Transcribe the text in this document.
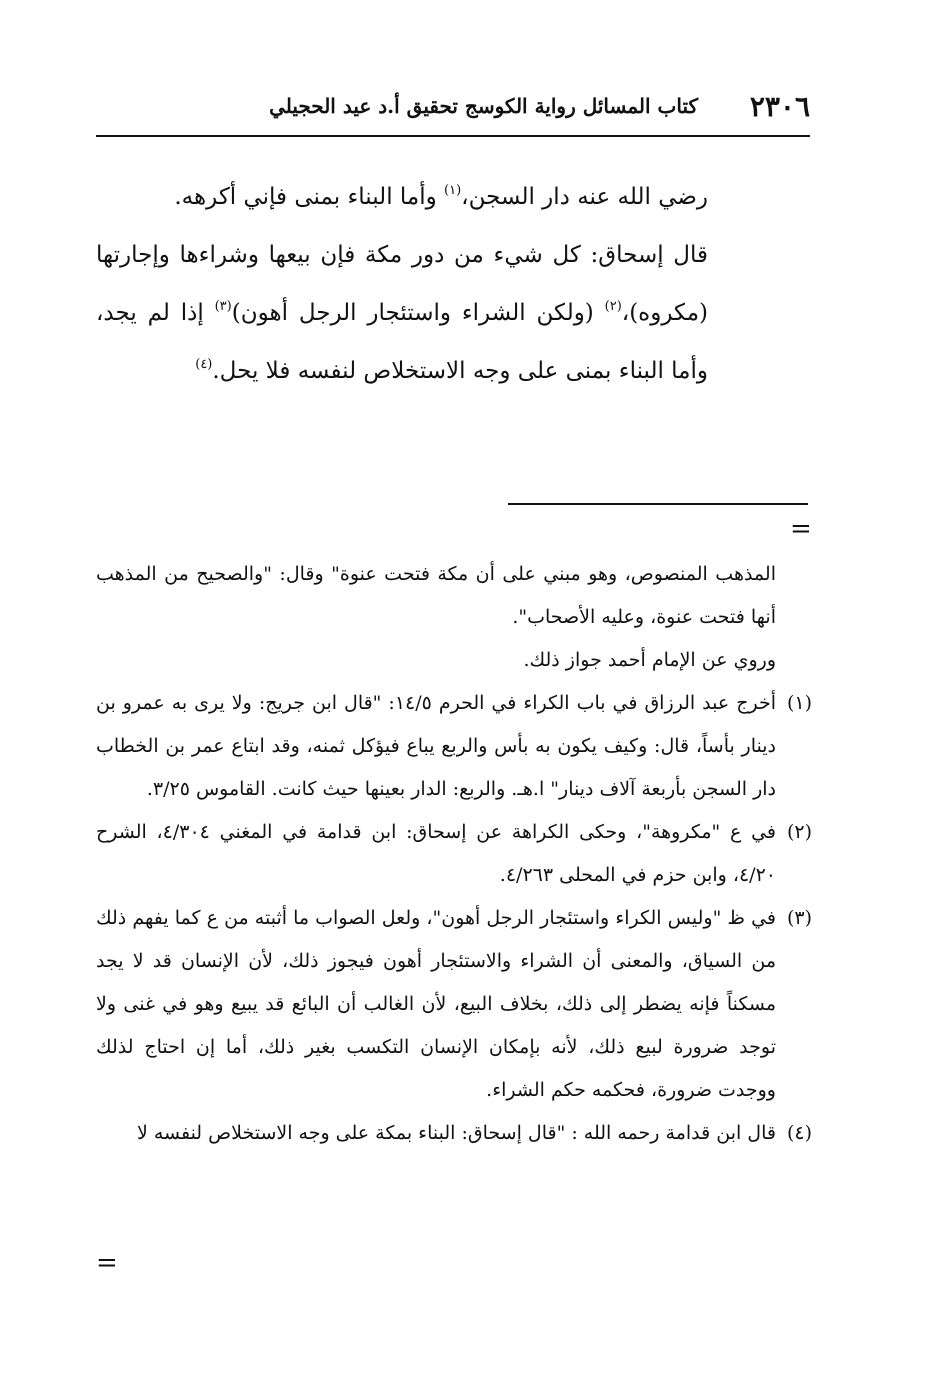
٢٣٠٦
كتاب المسائل رواية الكوسج تحقيق أ.د عيد الحجيلي

رضي الله عنه دار السجن،$^{(١)}$ وأما البناء بمنى فإني أكرهه.

قال إسحاق: كل شيء من دور مكة فإن بيعها وشراءها وإجارتها (مكروه)،$^{(٢)}$ (ولكن الشراء واستئجار الرجل أهون)$^{(٣)}$ إذا لم يجد، وأما البناء بمنى على وجه الاستخلاص لنفسه فلا يحل.$^{(٤)}$

=

المذهب المنصوص، وهو مبني على أن مكة فتحت عنوة" وقال: "والصحيح من المذهب أنها فتحت عنوة، وعليه الأصحاب".

وروي عن الإمام أحمد جواز ذلك.

(١)
أخرج عبد الرزاق في باب الكراء في الحرم ١٤/٥: "قال ابن جريج: ولا يرى به عمرو بن دينار بأساً، قال: وكيف يكون به بأس والربع يباع فيؤكل ثمنه، وقد ابتاع عمر بن الخطاب دار السجن بأربعة آلاف دينار" ا.هـ. والربع: الدار بعينها حيث كانت. القاموس ٣/٢٥.
(٢)
في ع "مكروهة"، وحكى الكراهة عن إسحاق: ابن قدامة في المغني ٤/٣٠٤، الشرح ٤/٢٠، وابن حزم في المحلى ٤/٢٦٣.
(٣)
في ظ "وليس الكراء واستئجار الرجل أهون"، ولعل الصواب ما أثبته من ع كما يفهم ذلك من السياق، والمعنى أن الشراء والاستئجار أهون فيجوز ذلك، لأن الإنسان قد لا يجد مسكناً فإنه يضطر إلى ذلك، بخلاف البيع، لأن الغالب أن البائع قد يبيع وهو في غنى ولا توجد ضرورة لبيع ذلك، لأنه بإمكان الإنسان التكسب بغير ذلك، أما إن احتاج لذلك ووجدت ضرورة، فحكمه حكم الشراء.
(٤)
قال ابن قدامة رحمه الله : "قال إسحاق: البناء بمكة على وجه الاستخلاص لنفسه لا
=
